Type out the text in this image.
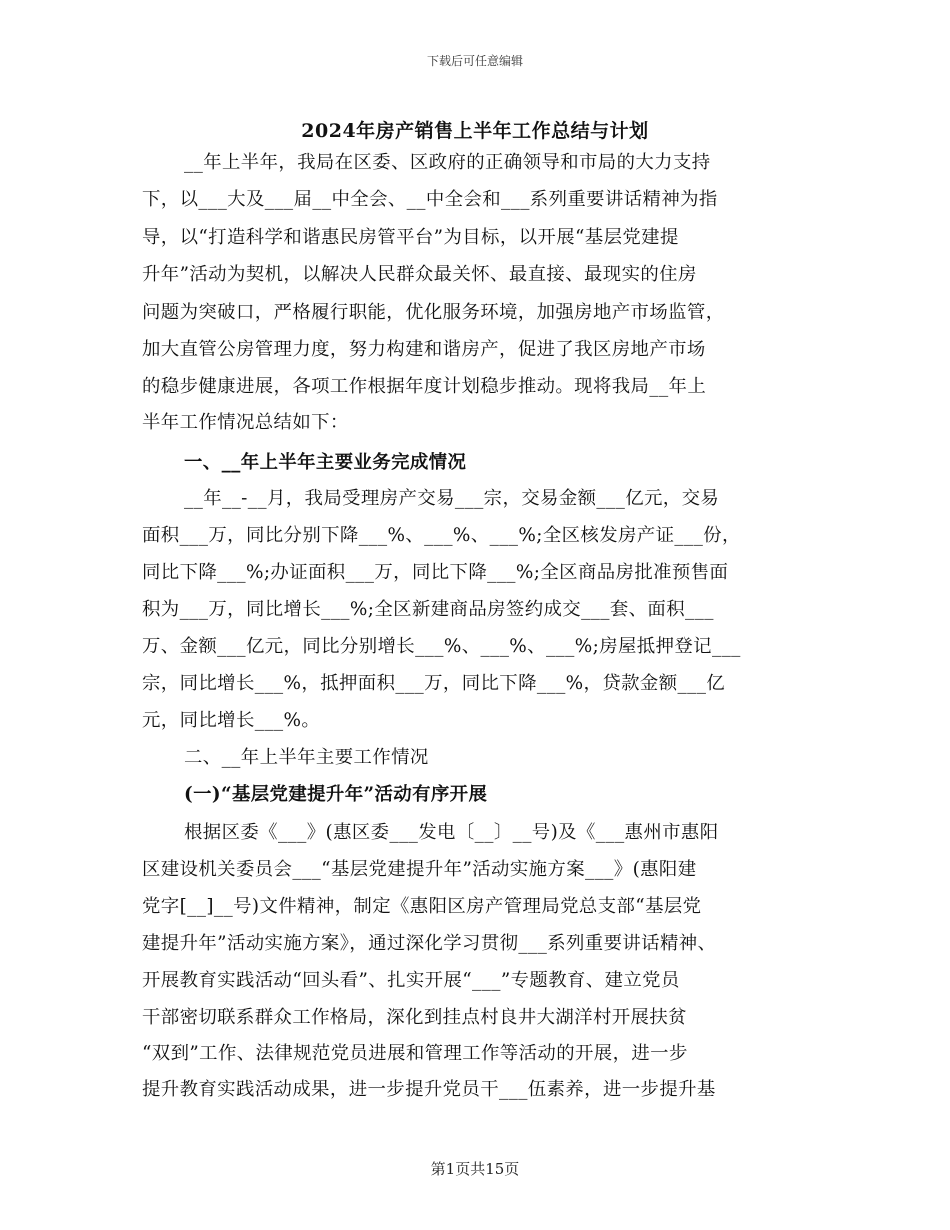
下载后可任意编辑
2024年房产销售上半年工作总结与计划
__年上半年，我局在区委、区政府的正确领导和市局的大力支持
下，以___大及___届__中全会、__中全会和___系列重要讲话精神为指
导，以“打造科学和谐惠民房管平台”为目标，以开展“基层党建提
升年”活动为契机，以解决人民群众最关怀、最直接、最现实的住房
问题为突破口，严格履行职能，优化服务环境，加强房地产市场监管，
加大直管公房管理力度，努力构建和谐房产，促进了我区房地产市场
的稳步健康进展，各项工作根据年度计划稳步推动。现将我局__年上
半年工作情况总结如下：
一、__年上半年主要业务完成情况
__年__-__月，我局受理房产交易___宗，交易金额___亿元，交易
面积___万，同比分别下降___%、___%、___%;全区核发房产证___份，
同比下降___%;办证面积___万，同比下降___%;全区商品房批准预售面
积为___万，同比增长___%;全区新建商品房签约成交___套、面积___
万、金额___亿元，同比分别增长___%、___%、___%;房屋抵押登记___
宗，同比增长___%，抵押面积___万，同比下降___%，贷款金额___亿
元，同比增长___%。
二、__年上半年主要工作情况
(一)“基层党建提升年”活动有序开展
根据区委《___》(惠区委___发电〔__〕__号)及《___惠州市惠阳
区建设机关委员会___“基层党建提升年”活动实施方案___》(惠阳建
党字[__]__号)文件精神，制定《惠阳区房产管理局党总支部“基层党
建提升年”活动实施方案》，通过深化学习贯彻___系列重要讲话精神、
开展教育实践活动“回头看”、扎实开展“___”专题教育、建立党员
干部密切联系群众工作格局，深化到挂点村良井大湖洋村开展扶贫
“双到”工作、法律规范党员进展和管理工作等活动的开展，进一步
提升教育实践活动成果，进一步提升党员干___伍素养，进一步提升基
第1页共15页
